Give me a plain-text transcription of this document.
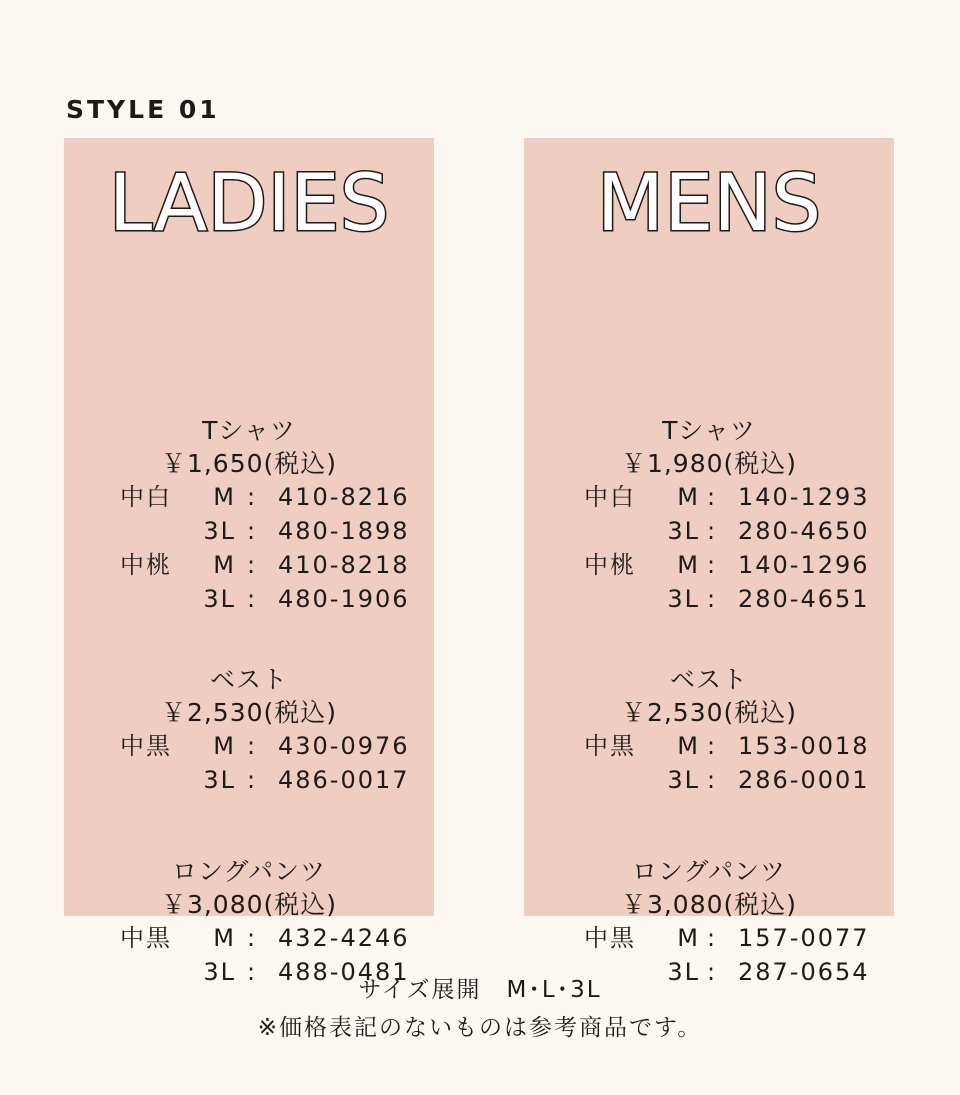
STYLE 01
LADIES
Tシャツ
￥1,650(税込)
中白	M : 410-8216
3L : 480-1898
中桃	M : 410-8218
3L : 480-1906
ベスト
￥2,530(税込)
中黒	M : 430-0976
3L : 486-0017
ロングパンツ
￥3,080(税込)
中黒	M : 432-4246
3L : 488-0481
MENS
Tシャツ
￥1,980(税込)
中白	M : 140-1293
3L : 280-4650
中桃	M : 140-1296
3L : 280-4651
ベスト
￥2,530(税込)
中黒	M : 153-0018
3L : 286-0001
ロングパンツ
￥3,080(税込)
中黒	M : 157-0077
3L : 287-0654
サイズ展開　M･L･3L
※価格表記のないものは参考商品です。
